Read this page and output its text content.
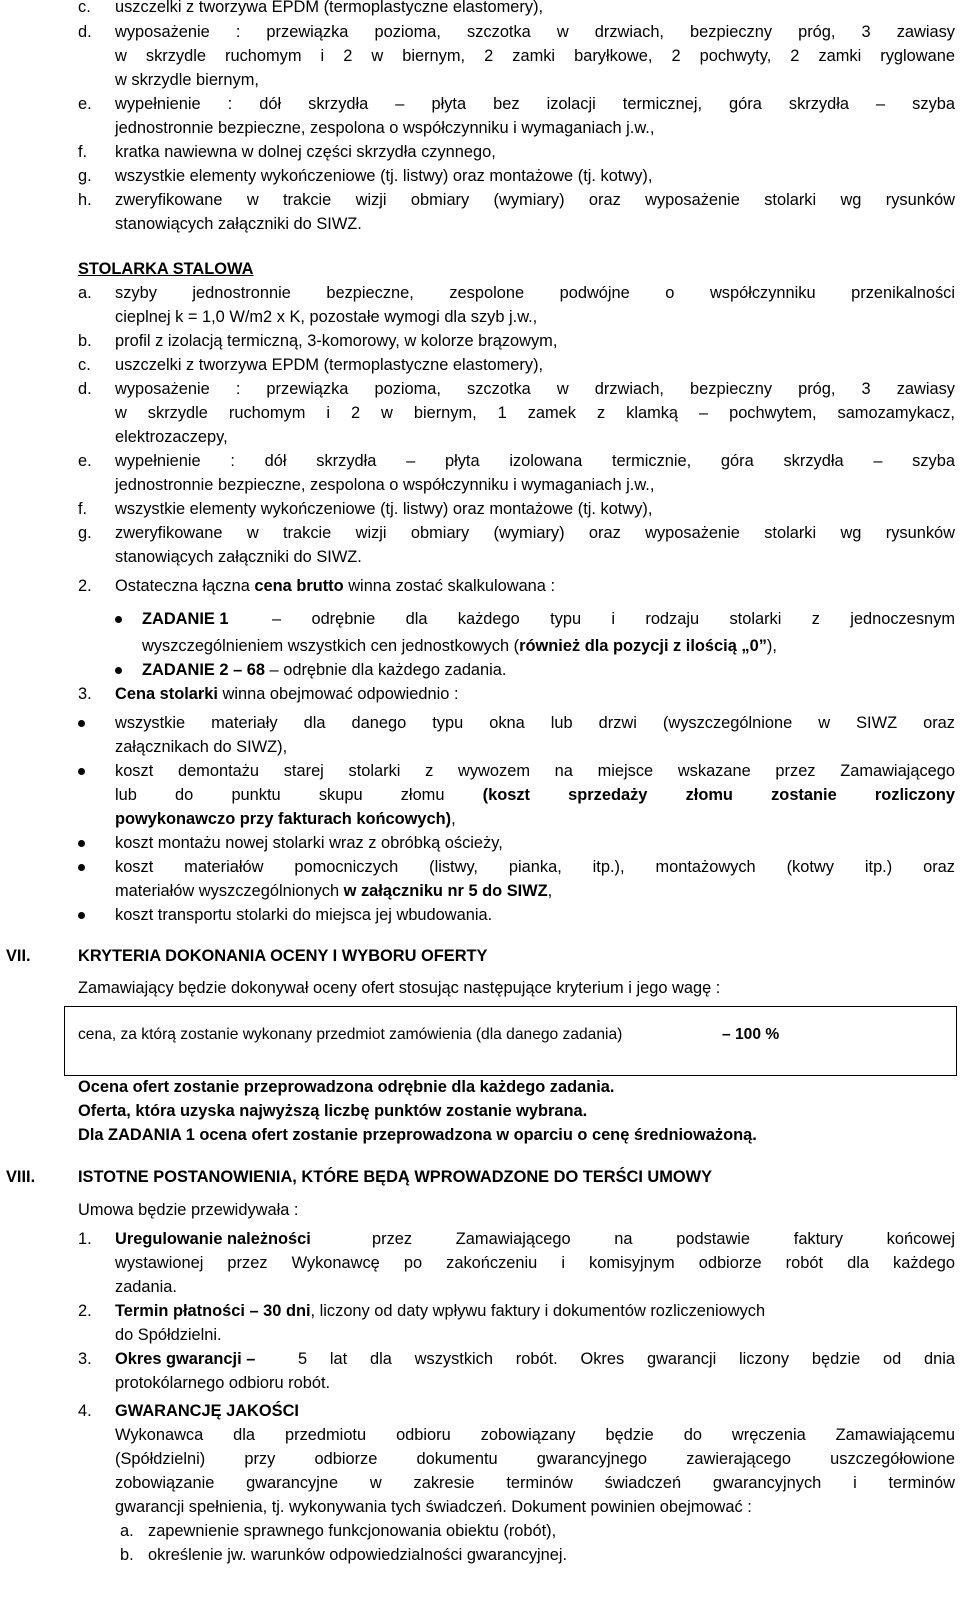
c. uszczelki z tworzywa EPDM (termoplastyczne elastomery),
d. wyposażenie : przewiązka pozioma, szczotka w drzwiach, bezpieczny próg, 3 zawiasy
w skrzydle ruchomym i 2 w biernym, 2 zamki baryłkowe, 2 pochwyty, 2 zamki ryglowane
w skrzydle biernym,
e. wypełnienie : dół skrzydła – płyta bez izolacji termicznej, góra skrzydła – szyba
jednostronnie bezpieczne, zespolona o współczynniku i wymaganiach j.w.,
f. kratka nawiewna w dolnej części skrzydła czynnego,
g. wszystkie elementy wykończeniowe (tj. listwy) oraz montażowe (tj. kotwy),
h. zweryfikowane w trakcie wizji obmiary (wymiary) oraz wyposażenie stolarki wg rysunków
stanowiących załączniki do SIWZ.
STOLARKA STALOWA
a. szyby jednostronnie bezpieczne, zespolone podwójne o współczynniku przenikalności
cieplnej k = 1,0 W/m2 x K, pozostałe wymogi dla szyb j.w.,
b. profil z izolacją termiczną, 3-komorowy, w kolorze brązowym,
c. uszczelki z tworzywa EPDM (termoplastyczne elastomery),
d. wyposażenie : przewiązka pozioma, szczotka w drzwiach, bezpieczny próg, 3 zawiasy
w skrzydle ruchomym i 2 w biernym, 1 zamek z klamką – pochwytem, samozamykacz,
elektrozaczepy,
e. wypełnienie : dół skrzydła – płyta izolowana termicznie, góra skrzydła – szyba
jednostronnie bezpieczne, zespolona o współczynniku i wymaganiach j.w.,
f. wszystkie elementy wykończeniowe (tj. listwy) oraz montażowe (tj. kotwy),
g. zweryfikowane w trakcie wizji obmiary (wymiary) oraz wyposażenie stolarki wg rysunków
stanowiących załączniki do SIWZ.
2. Ostateczna łączna cena brutto winna zostać skalkulowana :
ZADANIE 1	– odrębnie dla każdego typu i rodzaju stolarki z jednoczesnym
wyszczególnieniem wszystkich cen jednostkowych (również dla pozycji z ilością „0”),
ZADANIE 2 – 68 – odrębnie dla każdego zadania.
3. Cena stolarki winna obejmować odpowiednio :
wszystkie materiały dla danego typu okna lub drzwi (wyszczególnione w SIWZ oraz
załącznikach do SIWZ),
koszt demontażu starej stolarki z wywozem na miejsce wskazane przez Zamawiającego
lub do punktu skupu złomu (koszt sprzedaży złomu zostanie rozliczony
powykonawczo przy fakturach końcowych),
koszt montażu nowej stolarki wraz z obróbką ościeży,
koszt materiałów pomocniczych (listwy, pianka, itp.), montażowych (kotwy itp.) oraz
materiałów wyszczególnionych w załączniku nr 5 do SIWZ,
koszt transportu stolarki do miejsca jej wbudowania.
VII.	KRYTERIA DOKONANIA OCENY I WYBORU OFERTY
Zamawiający będzie dokonywał oceny ofert stosując następujące kryterium i jego wagę :
cena, za którą zostanie wykonany przedmiot zamówienia (dla danego zadania)	– 100 %
Ocena ofert zostanie przeprowadzona odrębnie dla każdego zadania.
Oferta, która uzyska najwyższą liczbę punktów zostanie wybrana.
Dla ZADANIA 1 ocena ofert zostanie przeprowadzona w oparciu o cenę średnioważoną.
VIII.	ISTOTNE POSTANOWIENIA, KTÓRE BĘDĄ WPROWADZONE DO TERŚCI UMOWY
Umowa będzie przewidywała :
1. Uregulowanie należności	przez Zamawiającego na podstawie faktury końcowej
wystawionej przez Wykonawcę po zakończeniu i komisyjnym odbiorze robót dla każdego
zadania.
2. Termin płatności – 30 dni, liczony od daty wpływu faktury i dokumentów rozliczeniowych
do Spółdzielni.
3. Okres gwarancji –	5 lat dla wszystkich robót. Okres gwarancji liczony będzie od dnia
protokólarnego odbioru robót.
4. GWARANCJĘ JAKOŚCI
Wykonawca dla przedmiotu odbioru zobowiązany będzie do wręczenia Zamawiającemu
(Spółdzielni) przy odbiorze dokumentu gwarancyjnego zawierającego uszczegółowione
zobowiązanie gwarancyjne w zakresie terminów świadczeń gwarancyjnych i terminów
gwarancji spełnienia, tj. wykonywania tych świadczeń. Dokument powinien obejmować :
a. zapewnienie sprawnego funkcjonowania obiektu (robót),
b. określenie jw. warunków odpowiedzialności gwarancyjnej.
